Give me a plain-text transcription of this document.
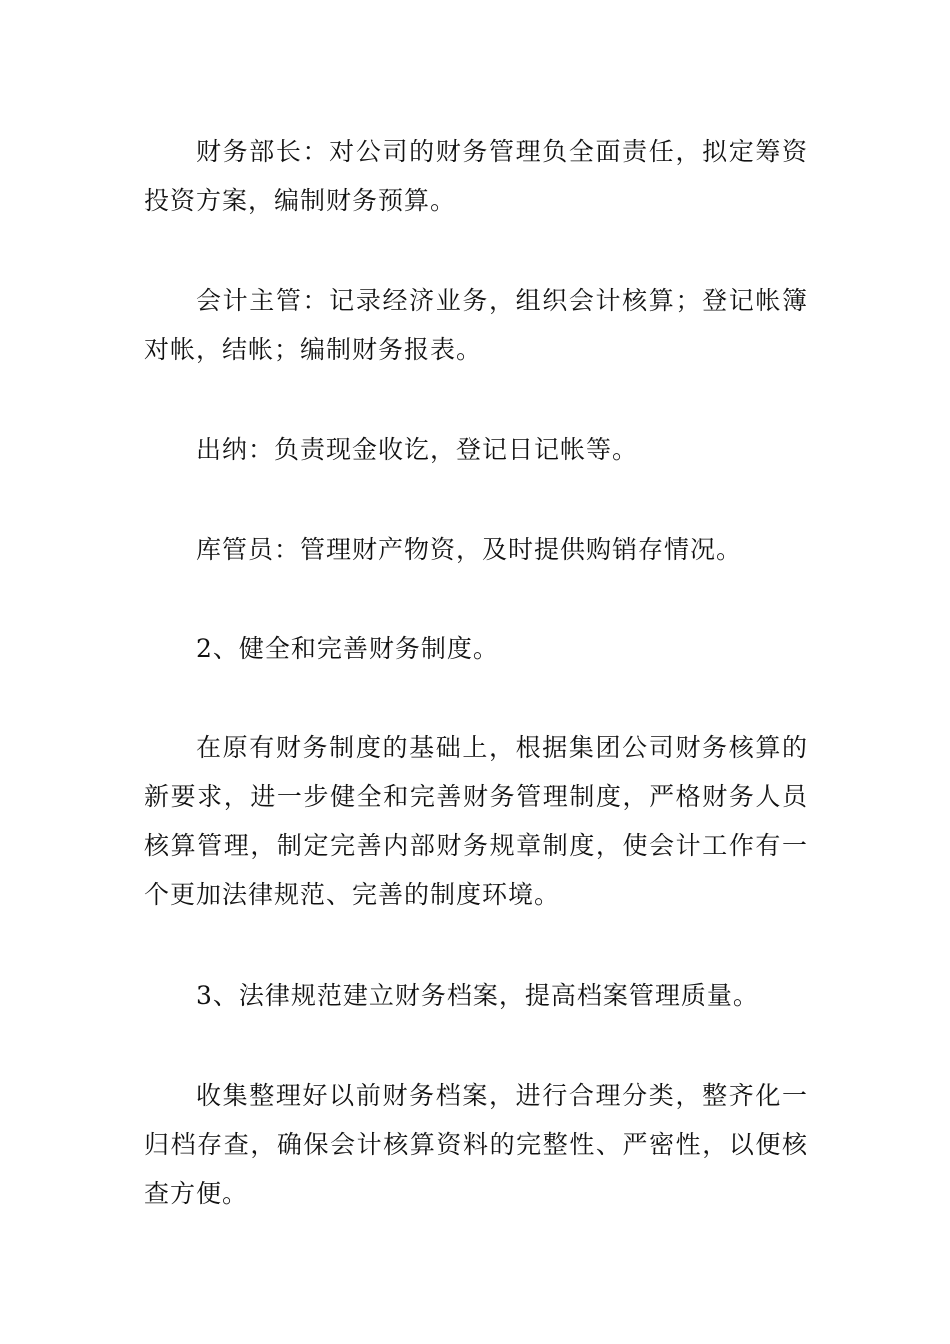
财务部长：对公司的财务管理负全面责任，拟定筹资投资方案，编制财务预算。

会计主管：记录经济业务，组织会计核算；登记帐簿对帐，结帐；编制财务报表。

出纳：负责现金收讫，登记日记帐等。

库管员：管理财产物资，及时提供购销存情况。

2、健全和完善财务制度。

在原有财务制度的基础上，根据集团公司财务核算的新要求，进一步健全和完善财务管理制度，严格财务人员核算管理，制定完善内部财务规章制度，使会计工作有一个更加法律规范、完善的制度环境。

3、法律规范建立财务档案，提高档案管理质量。

收集整理好以前财务档案，进行合理分类，整齐化一归档存查，确保会计核算资料的完整性、严密性，以便核查方便。
